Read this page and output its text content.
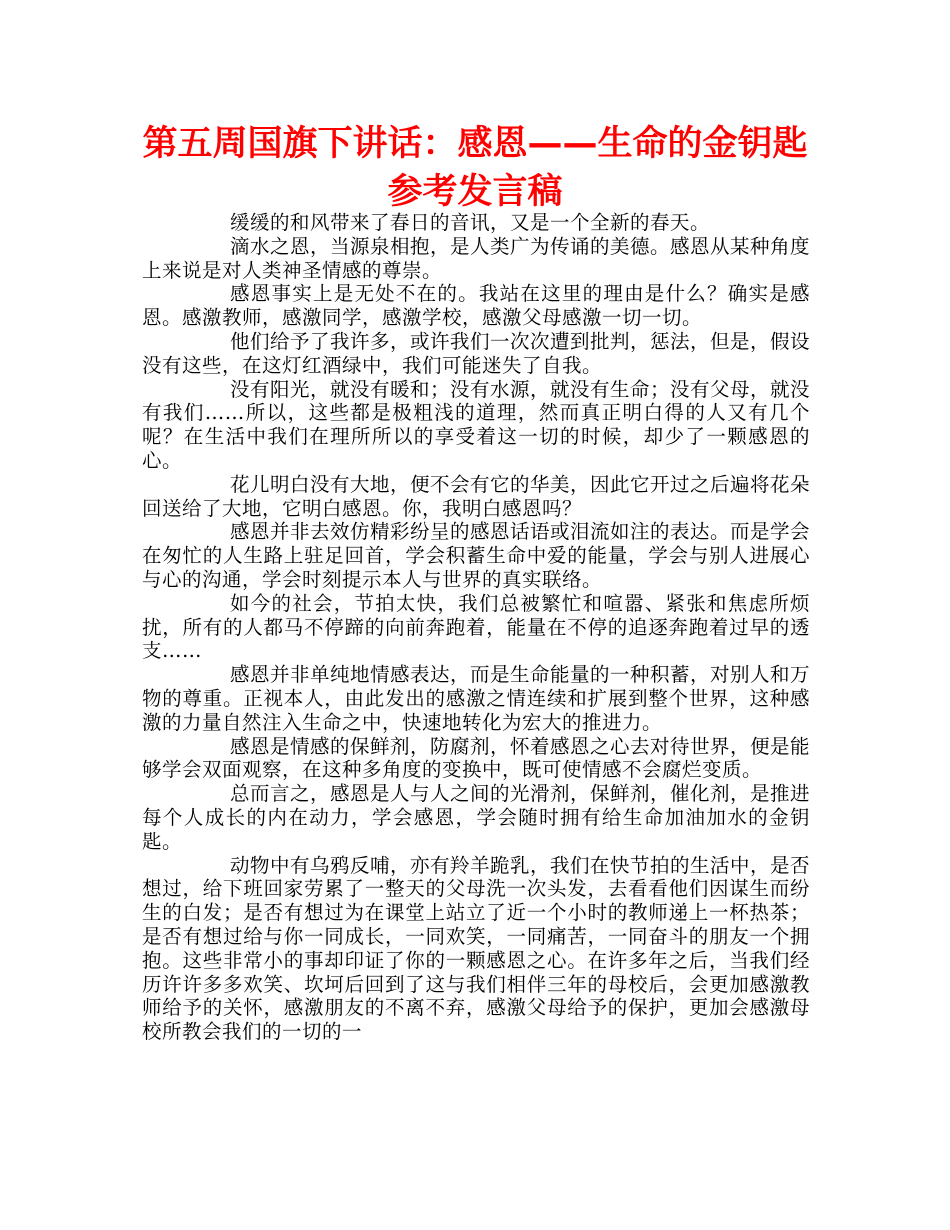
第五周国旗下讲话：感恩——生命的金钥匙参考发言稿

缓缓的和风带来了春日的音讯，又是一个全新的春天。

滴水之恩，当源泉相抱，是人类广为传诵的美德。感恩从某种角度上来说是对人类神圣情感的尊崇。

感恩事实上是无处不在的。我站在这里的理由是什么？确实是感恩。感激教师，感激同学，感激学校，感激父母感激一切一切。

他们给予了我许多，或许我们一次次遭到批判，惩法，但是，假设没有这些，在这灯红酒绿中，我们可能迷失了自我。

没有阳光，就没有暖和；没有水源，就没有生命；没有父母，就没有我们……所以，这些都是极粗浅的道理，然而真正明白得的人又有几个呢？在生活中我们在理所所以的享受着这一切的时候，却少了一颗感恩的心。

花儿明白没有大地，便不会有它的华美，因此它开过之后遍将花朵回送给了大地，它明白感恩。你，我明白感恩吗？

感恩并非去效仿精彩纷呈的感恩话语或泪流如注的表达。而是学会在匆忙的人生路上驻足回首，学会积蓄生命中爱的能量，学会与别人进展心与心的沟通，学会时刻提示本人与世界的真实联络。

如今的社会，节拍太快，我们总被繁忙和喧嚣、紧张和焦虑所烦扰，所有的人都马不停蹄的向前奔跑着，能量在不停的追逐奔跑着过早的透支……

感恩并非单纯地情感表达，而是生命能量的一种积蓄，对别人和万物的尊重。正视本人，由此发出的感激之情连续和扩展到整个世界，这种感激的力量自然注入生命之中，快速地转化为宏大的推进力。

感恩是情感的保鲜剂，防腐剂，怀着感恩之心去对待世界，便是能够学会双面观察，在这种多角度的变换中，既可使情感不会腐烂变质。

总而言之，感恩是人与人之间的光滑剂，保鲜剂，催化剂，是推进每个人成长的内在动力，学会感恩，学会随时拥有给生命加油加水的金钥匙。

动物中有乌鸦反哺，亦有羚羊跪乳，我们在快节拍的生活中，是否想过，给下班回家劳累了一整天的父母洗一次头发，去看看他们因谋生而纷生的白发；是否有想过为在课堂上站立了近一个小时的教师递上一杯热茶；是否有想过给与你一同成长，一同欢笑，一同痛苦，一同奋斗的朋友一个拥抱。这些非常小的事却印证了你的一颗感恩之心。在许多年之后，当我们经历许许多多欢笑、坎坷后回到了这与我们相伴三年的母校后，会更加感激教师给予的关怀，感激朋友的不离不弃，感激父母给予的保护，更加会感激母校所教会我们的一切的一
